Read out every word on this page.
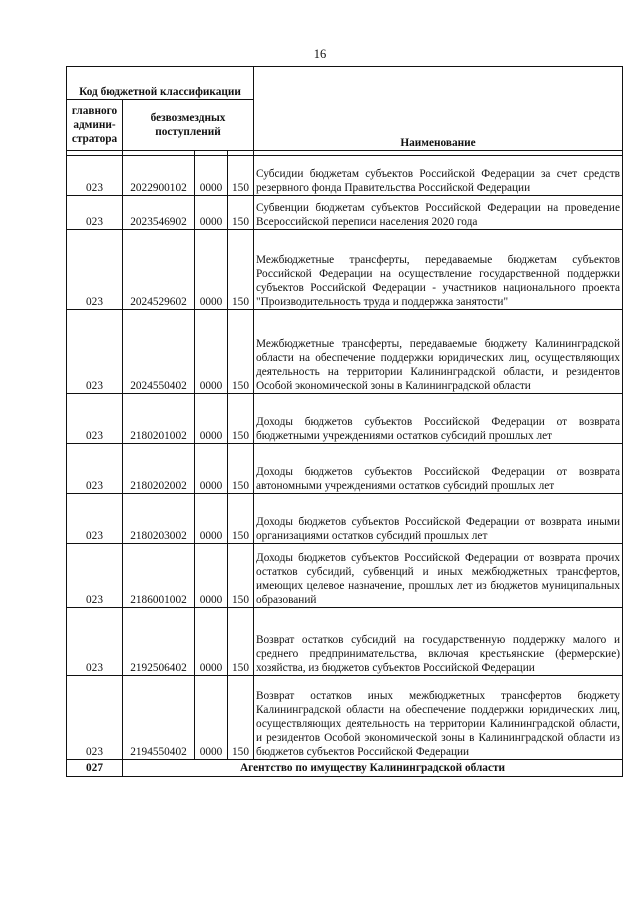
16
Код бюджетной классификации				Наименование
главного админи-стратора	безвозмездных поступлений			

023	2022900102	0000	150	Субсидии бюджетам субъектов Российской Федерации за счет средств резервного фонда Правительства Российской Федерации
023	2023546902	0000	150	Субвенции бюджетам субъектов Российской Федерации на проведение Всероссийской переписи населения 2020 года
023	2024529602	0000	150	Межбюджетные трансферты, передаваемые бюджетам субъектов Российской Федерации на осуществление государственной поддержки субъектов Российской Федерации - участников национального проекта "Производительность труда и поддержка занятости"
023	2024550402	0000	150	Межбюджетные трансферты, передаваемые бюджету Калининградской области на обеспечение поддержки юридических лиц, осуществляющих деятельность на территории Калининградской области, и резидентов Особой экономической зоны в Калининградской области
023	2180201002	0000	150	Доходы бюджетов субъектов Российской Федерации от возврата бюджетными учреждениями остатков субсидий прошлых лет
023	2180202002	0000	150	Доходы бюджетов субъектов Российской Федерации от возврата автономными учреждениями остатков субсидий прошлых лет
023	2180203002	0000	150	Доходы бюджетов субъектов Российской Федерации от возврата иными организациями остатков субсидий прошлых лет
023	2186001002	0000	150	Доходы бюджетов субъектов Российской Федерации от возврата прочих остатков субсидий, субвенций и иных межбюджетных трансфертов, имеющих целевое назначение, прошлых лет из бюджетов муниципальных образований
023	2192506402	0000	150	Возврат остатков субсидий на государственную поддержку малого и среднего предпринимательства, включая крестьянские (фермерские) хозяйства, из бюджетов субъектов Российской Федерации
023	2194550402	0000	150	Возврат остатков иных межбюджетных трансфертов бюджету Калининградской области на обеспечение поддержки юридических лиц, осуществляющих деятельность на территории Калининградской области, и резидентов Особой экономической зоны в Калининградской области из бюджетов субъектов Российской Федерации
027	Агентство по имуществу Калининградской области			
